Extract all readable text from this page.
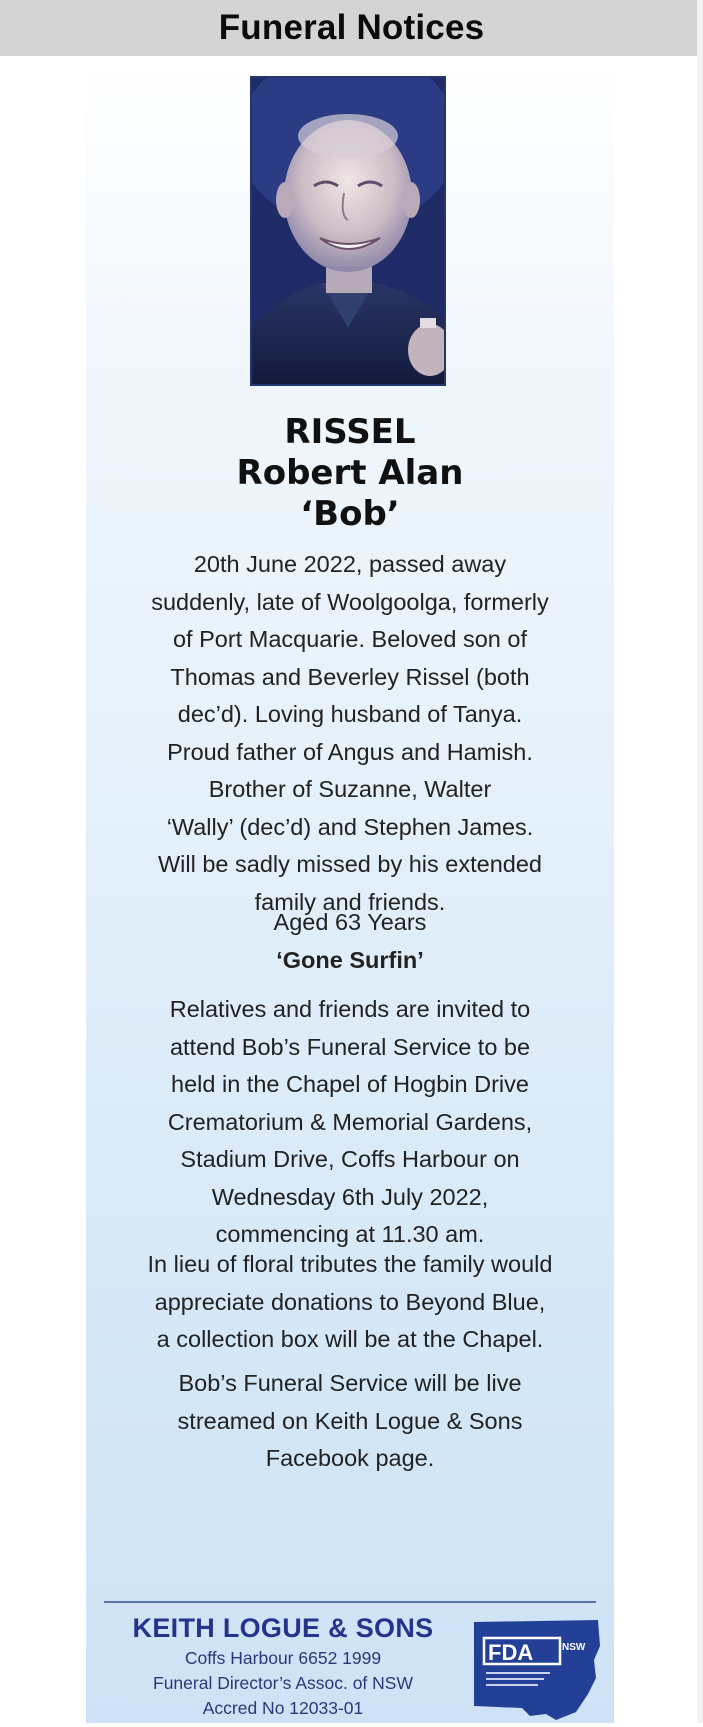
Funeral Notices
RISSEL
Robert Alan
‘Bob’
20th June 2022, passed away
suddenly, late of Woolgoolga, formerly
of Port Macquarie. Beloved son of
Thomas and Beverley Rissel (both
dec’d). Loving husband of Tanya.
Proud father of Angus and Hamish.
Brother of Suzanne, Walter
‘Wally’ (dec’d) and Stephen James.
Will be sadly missed by his extended
family and friends.
Aged 63 Years
‘Gone Surfin’
Relatives and friends are invited to
attend Bob’s Funeral Service to be
held in the Chapel of Hogbin Drive
Crematorium & Memorial Gardens,
Stadium Drive, Coffs Harbour on
Wednesday 6th July 2022,
commencing at 11.30 am.
In lieu of floral tributes the family would
appreciate donations to Beyond Blue,
a collection box will be at the Chapel.
Bob’s Funeral Service will be live
streamed on Keith Logue & Sons
Facebook page.
KEITH LOGUE & SONS
Coffs Harbour 6652 1999
Funeral Director’s Assoc. of NSW
Accred No 12033-01
FDA	NSW
